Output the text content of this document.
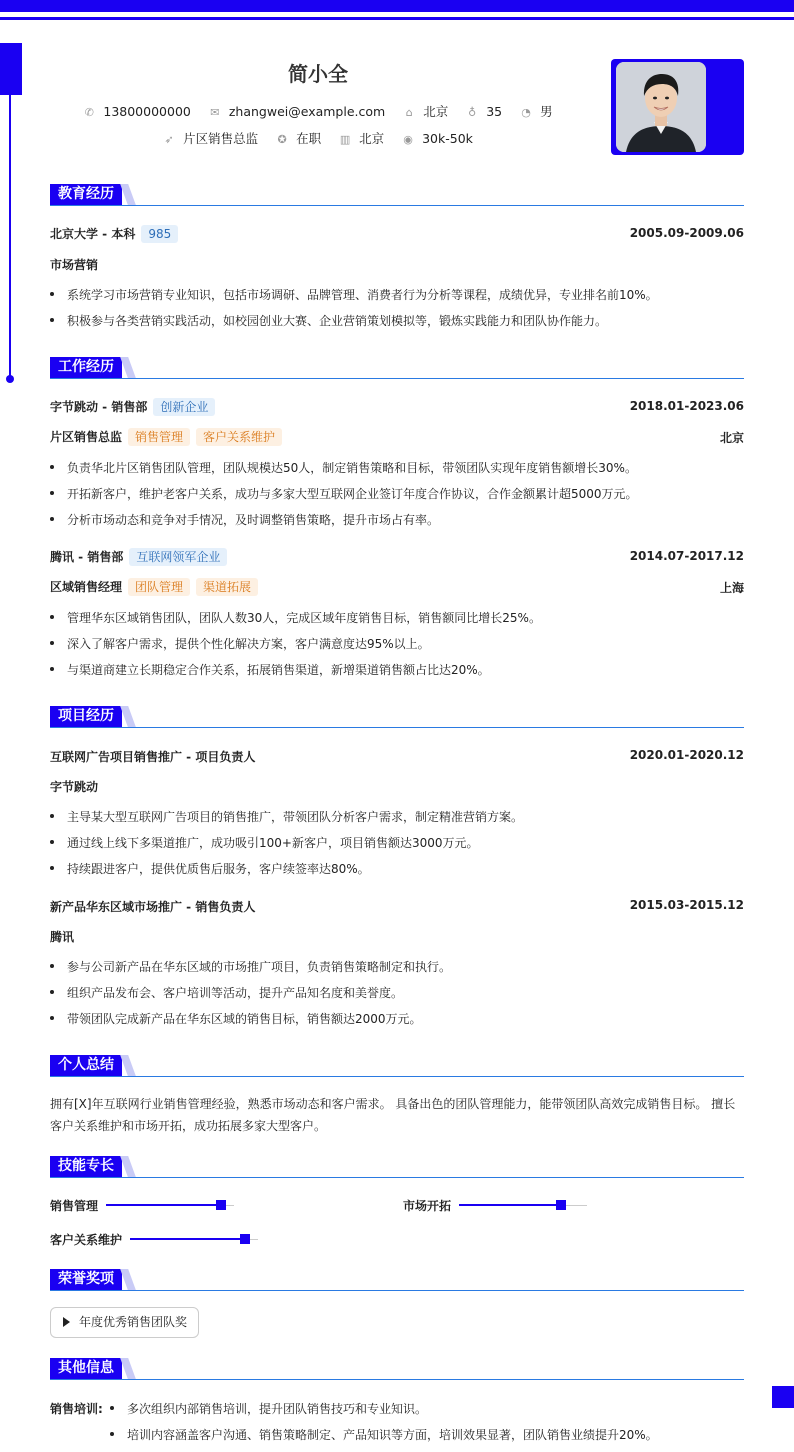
简小全
✆ 13800000000 ✉ zhangwei@example.com ⌂ 北京 ♁ 35 ◔ 男
➶ 片区销售总监 ✪ 在职 ▥ 北京 ◉ 30k-50k
教育经历
北京大学 - 本科 985	2005.09-2009.06
市场营销
系统学习市场营销专业知识，包括市场调研、品牌管理、消费者行为分析等课程，成绩优异，专业排名前10%。
积极参与各类营销实践活动，如校园创业大赛、企业营销策划模拟等，锻炼实践能力和团队协作能力。
工作经历
字节跳动 - 销售部 创新企业	2018.01-2023.06
片区销售总监 销售管理 客户关系维护	北京
负责华北片区销售团队管理，团队规模达50人，制定销售策略和目标，带领团队实现年度销售额增长30%。
开拓新客户，维护老客户关系，成功与多家大型互联网企业签订年度合作协议，合作金额累计超5000万元。
分析市场动态和竞争对手情况，及时调整销售策略，提升市场占有率。
腾讯 - 销售部 互联网领军企业	2014.07-2017.12
区域销售经理 团队管理 渠道拓展	上海
管理华东区域销售团队，团队人数30人，完成区域年度销售目标，销售额同比增长25%。
深入了解客户需求，提供个性化解决方案，客户满意度达95%以上。
与渠道商建立长期稳定合作关系，拓展销售渠道，新增渠道销售额占比达20%。
项目经历
互联网广告项目销售推广 - 项目负责人	2020.01-2020.12
字节跳动
主导某大型互联网广告项目的销售推广，带领团队分析客户需求，制定精准营销方案。
通过线上线下多渠道推广，成功吸引100+新客户，项目销售额达3000万元。
持续跟进客户，提供优质售后服务，客户续签率达80%。
新产品华东区域市场推广 - 销售负责人	2015.03-2015.12
腾讯
参与公司新产品在华东区域的市场推广项目，负责销售策略制定和执行。
组织产品发布会、客户培训等活动，提升产品知名度和美誉度。
带领团队完成新产品在华东区域的销售目标，销售额达2000万元。
个人总结
拥有[X]年互联网行业销售管理经验，熟悉市场动态和客户需求。 具备出色的团队管理能力，能带领团队高效完成销售目标。 擅长
客户关系维护和市场开拓，成功拓展多家大型客户。
技能专长
销售管理	市场开拓
客户关系维护
荣誉奖项
年度优秀销售团队奖
其他信息
销售培训:	多次组织内部销售培训，提升团队销售技巧和专业知识。
培训内容涵盖客户沟通、销售策略制定、产品知识等方面，培训效果显著，团队销售业绩提升20%。
